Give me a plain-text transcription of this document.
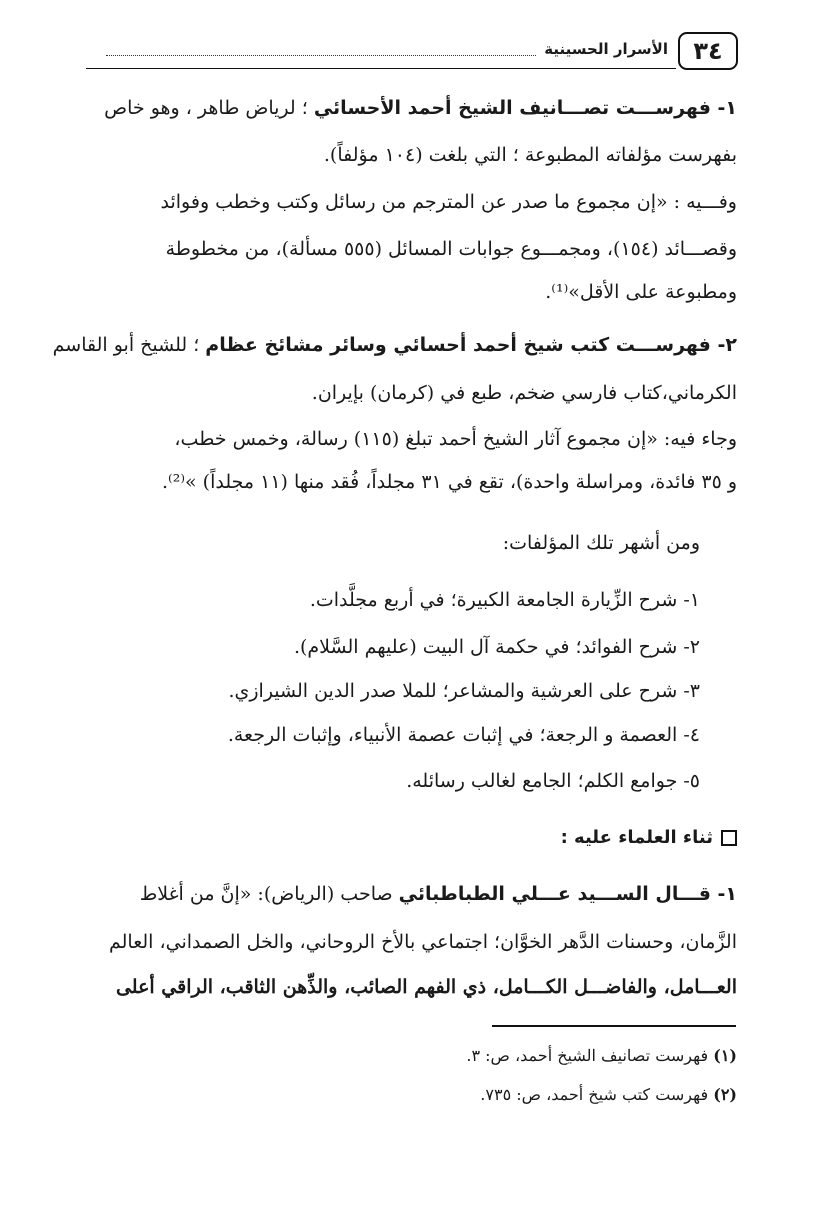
٣٤
الأسرار الحسينية
١- فهرســـت تصـــانيف الشيخ أحمد الأحسائي ؛ لرياض طاهر ، وهو خاص
بفهرست مؤلفاته المطبوعة ؛ التي بلغت (١٠٤ مؤلفاً).
وفـــيه : «إن مجموع ما صدر عن المترجم من رسائل وكتب وخطب وفوائد
وقصـــائد (١٥٤)، ومجمـــوع جوابات المسائل (٥٥٥ مسألة)، من مخطوطة
ومطبوعة على الأقل»⁽¹⁾.
٢- فهرســـت كتب شيخ أحمد أحسائي وسائر مشائخ عظام ؛ للشيخ أبو القاسم
الكرماني،كتاب فارسي ضخم، طبع في (كرمان) بإيران.
وجاء فيه: «إن مجموع آثار الشيخ أحمد تبلغ (١١٥) رسالة، وخمس خطب،
و ٣٥ فائدة، ومراسلة واحدة)، تقع في ٣١ مجلداً، فُقد منها (١١ مجلداً) »⁽²⁾.
ومن أشهر تلك المؤلفات:
١- شرح الزِّيارة الجامعة الكبيرة؛ في أربع مجلَّدات.
٢- شرح الفوائد؛ في حكمة آل البيت (عليهم السَّلام).
٣- شرح على العرشية والمشاعر؛ للملا صدر الدين الشيرازي.
٤- العصمة و الرجعة؛ في إثبات عصمة الأنبياء، وإثبات الرجعة.
٥- جوامع الكلم؛ الجامع لغالب رسائله.
ثناء العلماء عليه :
١- قـــال الســـيد عـــلي الطباطبائي صاحب (الرياض): «إنَّ من أغلاط
الزَّمان، وحسنات الدَّهر الخوَّان؛ اجتماعي بالأخ الروحاني، والخل الصمداني، العالم
العـــامل، والفاضـــل الكـــامل، ذي الفهم الصائب، والذِّهن الثاقب، الراقي أعلى
(١) فهرست تصانيف الشيخ أحمد، ص: ٣.
(٢) فهرست كتب شيخ أحمد، ص: ٧٣٥.
